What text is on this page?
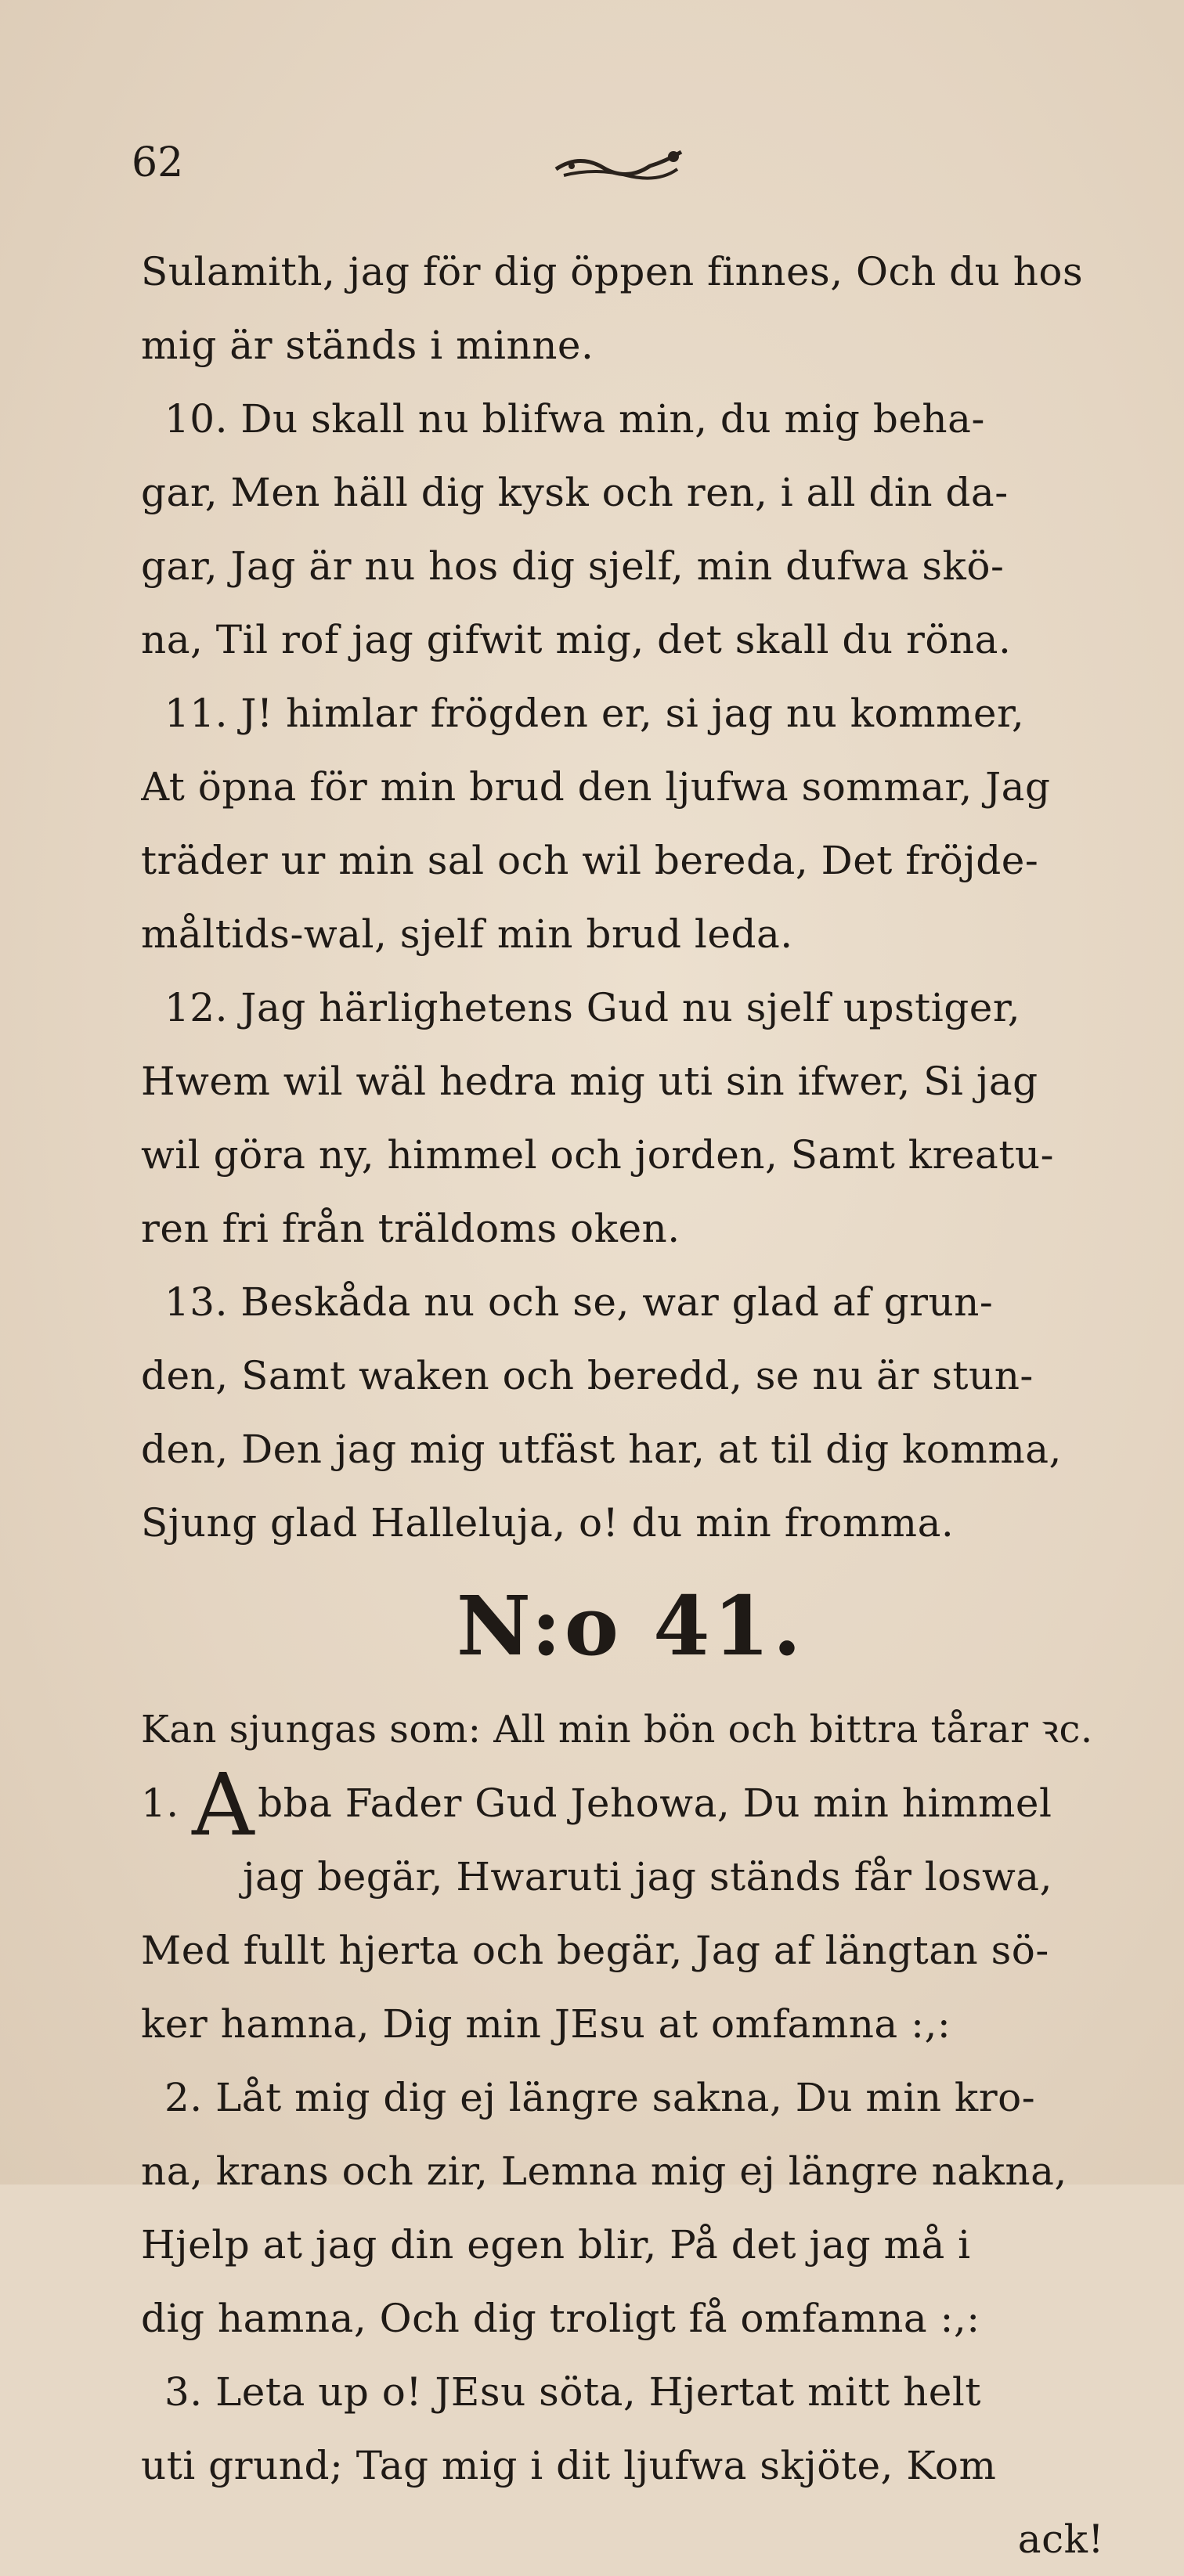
62
Sulamith, jag för dig öppen finnes, Och du hos
mig är ständs i minne.
10. Du skall nu blifwa min, du mig beha-
gar, Men häll dig kysk och ren, i all din da-
gar, Jag är nu hos dig sjelf, min dufwa skö-
na, Til rof jag gifwit mig, det skall du röna.
11. J! himlar frögden er, si jag nu kommer,
At öpna för min brud den ljufwa sommar, Jag
träder ur min sal och wil bereda, Det fröjde-
måltids-wal, sjelf min brud leda.
12. Jag härlighetens Gud nu sjelf upstiger,
Hwem wil wäl hedra mig uti sin ifwer, Si jag
wil göra ny, himmel och jorden, Samt kreatu-
ren fri från träldoms oken.
13. Beskåda nu och se, war glad af grun-
den, Samt waken och beredd, se nu är stun-
den, Den jag mig utfäst har, at til dig komma,
Sjung glad Halleluja, o! du min fromma.
N:o 41.
Kan sjungas som: All min bön och bittra tårar ꝛc.
1. Abba Fader Gud Jehowa, Du min himmel
jag begär, Hwaruti jag ständs får loswa,
Med fullt hjerta och begär, Jag af längtan sö-
ker hamna, Dig min JEsu at omfamna :,:
2. Låt mig dig ej längre sakna, Du min kro-
na, krans och zir, Lemna mig ej längre nakna,
Hjelp at jag din egen blir, På det jag må i
dig hamna, Och dig troligt få omfamna :,:
3. Leta up o! JEsu söta, Hjertat mitt helt
uti grund; Tag mig i dit ljufwa skjöte, Kom
ack!
